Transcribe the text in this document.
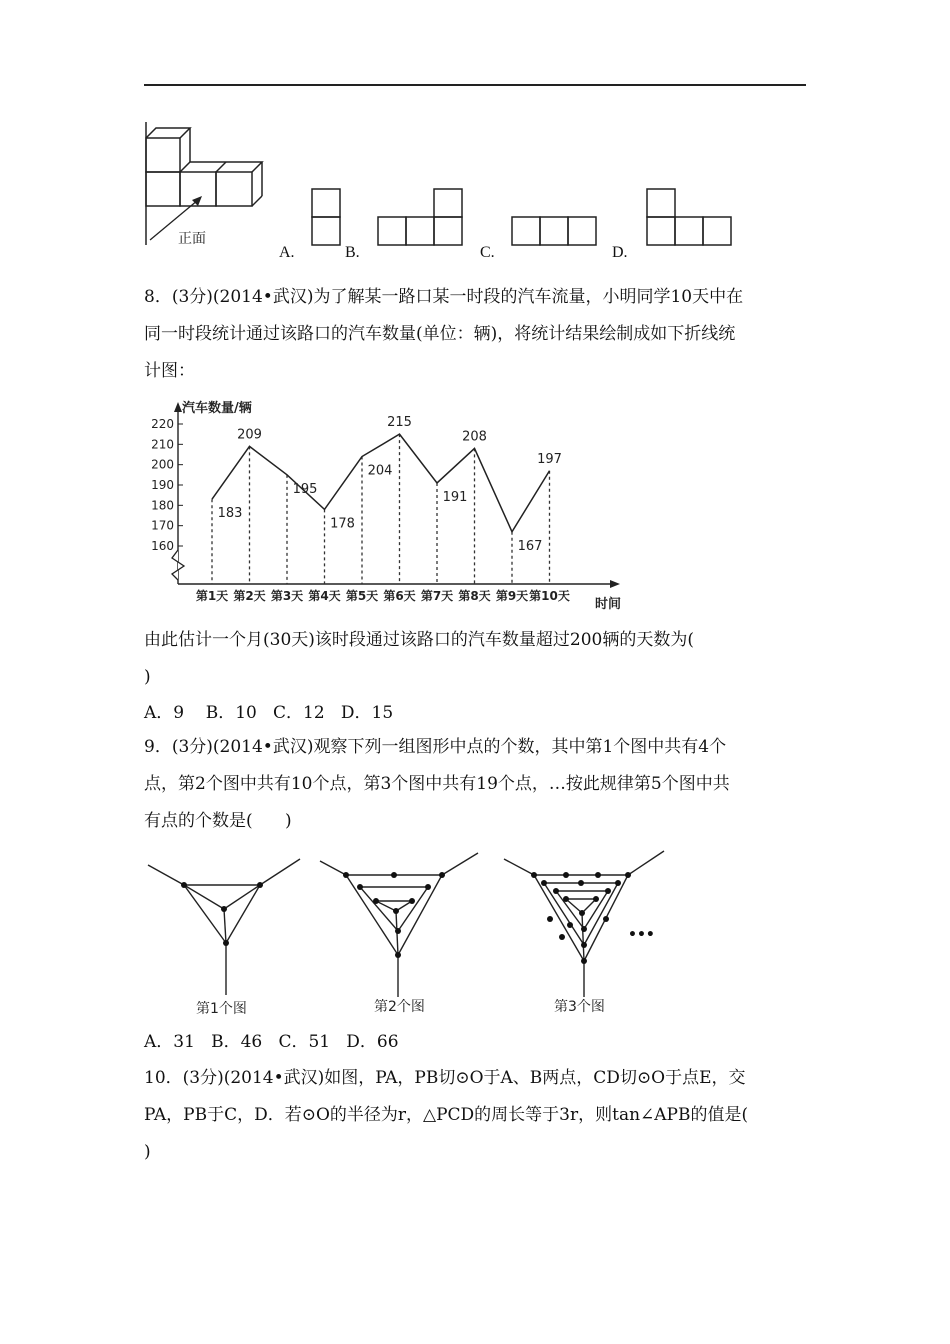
正面
A.	B.	C.	D.
8．(3分)(2014•武汉)为了解某一路口某一时段的汽车流量，小明同学10天中在
同一时段统计通过该路口的汽车数量(单位：辆)，将统计结果绘制成如下折线统
计图：
汽车数量/辆
时间
160
170
180
190
200
210
220
第1天 第2天 第3天 第4天 第5天 第6天 第7天 第8天 第9天 第10天
183
209
195
178
204
215
191
208
167
197
由此估计一个月(30天)该时段通过该路口的汽车数量超过200辆的天数为(
)
A．9    B．10   C．12   D．15
9．(3分)(2014•武汉)观察下列一组图形中点的个数，其中第1个图中共有4个
点，第2个图中共有10个点，第3个图中共有19个点，…按此规律第5个图中共
有点的个数是(      )
•••
第1个图	第2个图	第3个图
A．31   B．46   C．51   D．66
10．(3分)(2014•武汉)如图，PA，PB切⊙O于A、B两点，CD切⊙O于点E，交
PA，PB于C，D．若⊙O的半径为r，△PCD的周长等于3r，则tan∠APB的值是(
)
